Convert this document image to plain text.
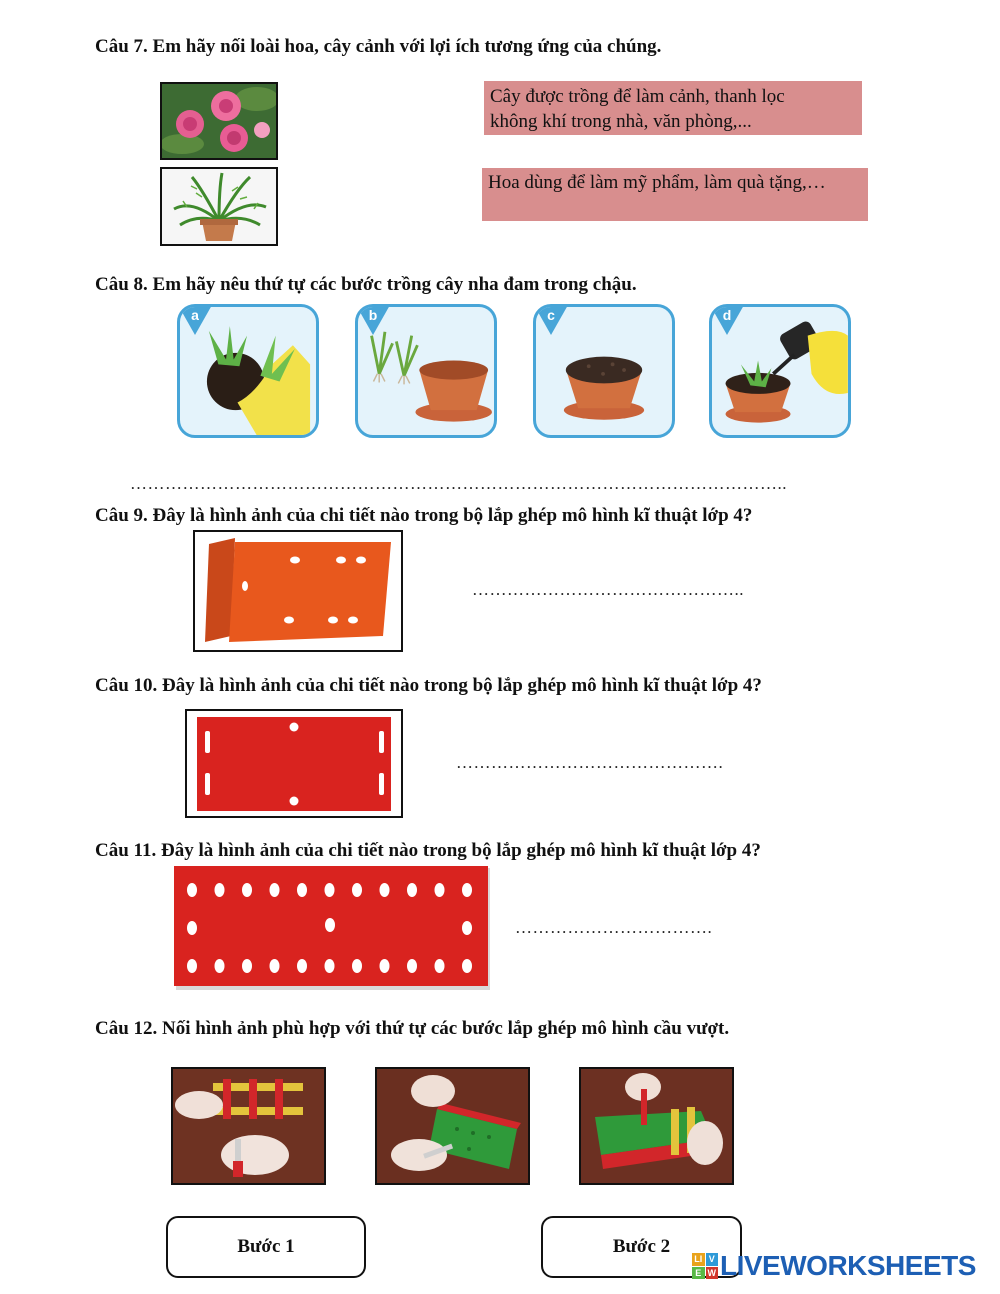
Câu 7. Em hãy nối loài hoa, cây cảnh với lợi ích tương ứng của chúng.
Cây được trồng để làm cảnh, thanh lọc
không khí trong nhà, văn phòng,...
Hoa dùng để làm mỹ phẩm, làm quà tặng,…
Câu 8. Em hãy nêu thứ tự các bước trồng cây nha đam trong chậu.
a	b	c	d
…………………………………………………………………………………………………..
Câu 9. Đây là hình ảnh của chi tiết nào trong bộ lắp ghép mô hình kĩ thuật lớp 4?
………………………………………..
Câu 10. Đây là hình ảnh của chi tiết nào trong bộ lắp ghép mô hình kĩ thuật lớp 4?
……………………………………….
Câu 11. Đây là hình ảnh của chi tiết nào trong bộ lắp ghép mô hình kĩ thuật lớp 4?
…………………………….
Câu 12. Nối hình ảnh phù hợp với thứ tự các bước lắp ghép mô hình cầu vượt.
Bước 1	Bước 2
LI V
E W LIVEWORKSHEETS
